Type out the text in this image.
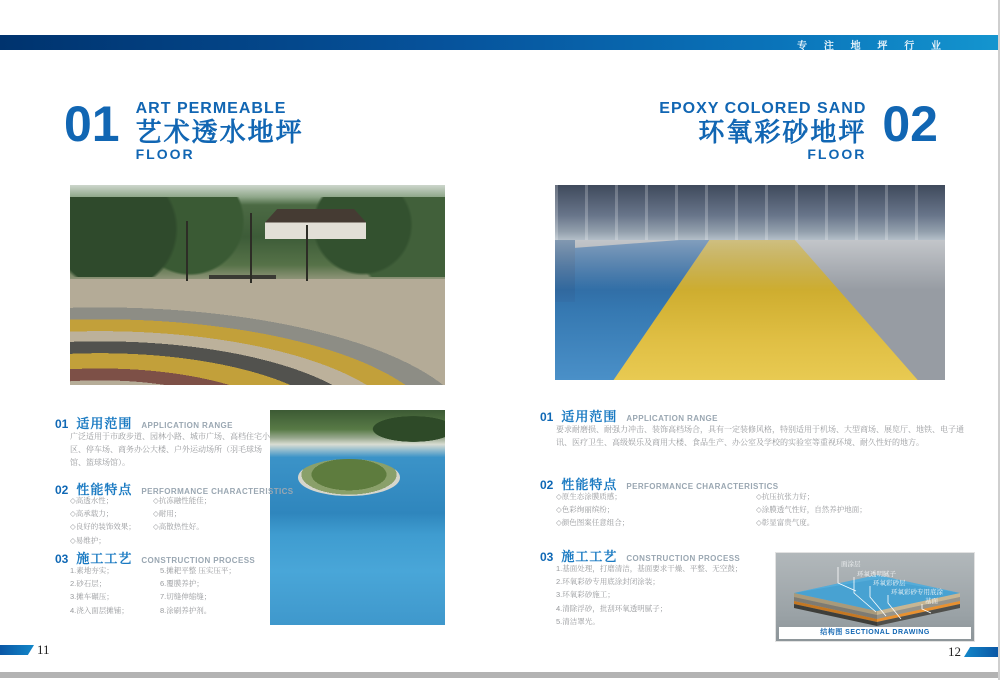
专 注 地 坪 行 业
01 ART PERMEABLE
艺术透水地坪
FLOOR
EPOXY COLORED SAND
环氧彩砂地坪
FLOOR
02
01 适用范围 APPLICATION RANGE
广泛适用于市政步道、园林小路、城市广场、高档住宅小区、停车场、商务办公大楼、户外运动场所（羽毛球场馆、篮球场馆）。
02 性能特点 PERFORMANCE CHARACTERISTICS
◇高透水性；
◇高承载力；
◇良好的装饰效果；
◇易维护；
◇抗冻融性能佳；
◇耐用；
◇高散热性好。
03 施工工艺 CONSTRUCTION PROCESS
1.素地夯实；
2.砂石层；
3.摊车碾压；
4.浇入面层摊铺；
5.摊耙平整 压实压平；
6.覆膜养护；
7.切缝伸缩缝；
8.涂刷养护剂。
01 适用范围 APPLICATION RANGE
要求耐磨损、耐强力冲击、装饰高档场合，具有一定装修风格，特别适用于机场、大型商场、展览厅、地铁、电子通讯、医疗卫生、高级娱乐及商用大楼、食品生产、办公室及学校的实验室等重视环境、耐久性好的地方。
02 性能特点 PERFORMANCE CHARACTERISTICS
◇原生态涂膜质感；
◇色彩绚丽缤纷；
◇颜色图案任意组合；
◇抗压抗张力好；
◇涂膜透气性好，自然养护地面；
◇彰显富贵气度。
03 施工工艺 CONSTRUCTION PROCESS
1.基面处理，打磨清洁，基面要求干燥、平整、无空鼓；
2.环氧彩砂专用底涂封闭涂装；
3.环氧彩砂施工；
4.清除浮砂，批刮环氧透明腻子；
5.清洁罩光。
面涂层
环氧透明腻子
环氧彩砂层
环氧彩砂专用底涂
基面
结构图 SECTIONAL DRAWING
11	12
